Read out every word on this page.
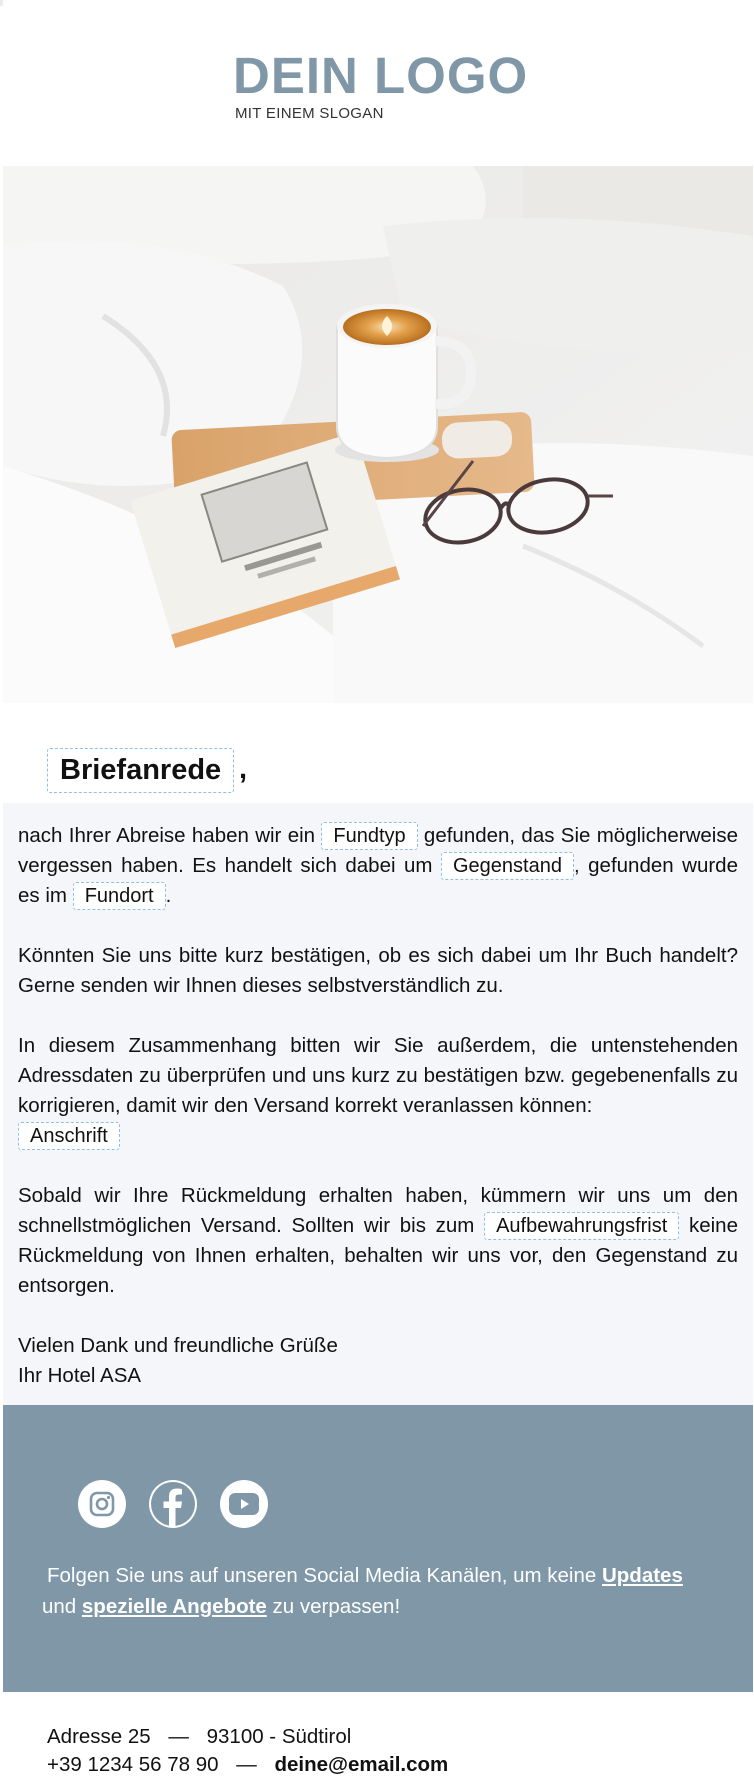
DEIN LOGO
MIT EINEM SLOGAN
Briefanrede ,

nach Ihrer Abreise haben wir ein Fundtyp gefunden, das Sie möglicherweise vergessen haben. Es handelt sich dabei um Gegenstand , gefunden wurde es im Fundort .

Könnten Sie uns bitte kurz bestätigen, ob es sich dabei um Ihr Buch handelt? Gerne senden wir Ihnen dieses selbstverständlich zu.

In diesem Zusammenhang bitten wir Sie außerdem, die untenstehenden Adressdaten zu überprüfen und uns kurz zu bestätigen bzw. gegebenenfalls zu korrigieren, damit wir den Versand korrekt veranlassen können:
Anschrift

Sobald wir Ihre Rückmeldung erhalten haben, kümmern wir uns um den schnellstmöglichen Versand. Sollten wir bis zum Aufbewahrungsfrist keine Rückmeldung von Ihnen erhalten, behalten wir uns vor, den Gegenstand zu entsorgen.

Vielen Dank und freundliche Grüße
Ihr Hotel ASA

Folgen Sie uns auf unseren Social Media Kanälen, um keine Updates
und spezielle Angebote zu verpassen!
Adresse 25 — 93100 - Südtirol
+39 1234 56 78 90 — deine@email.com
